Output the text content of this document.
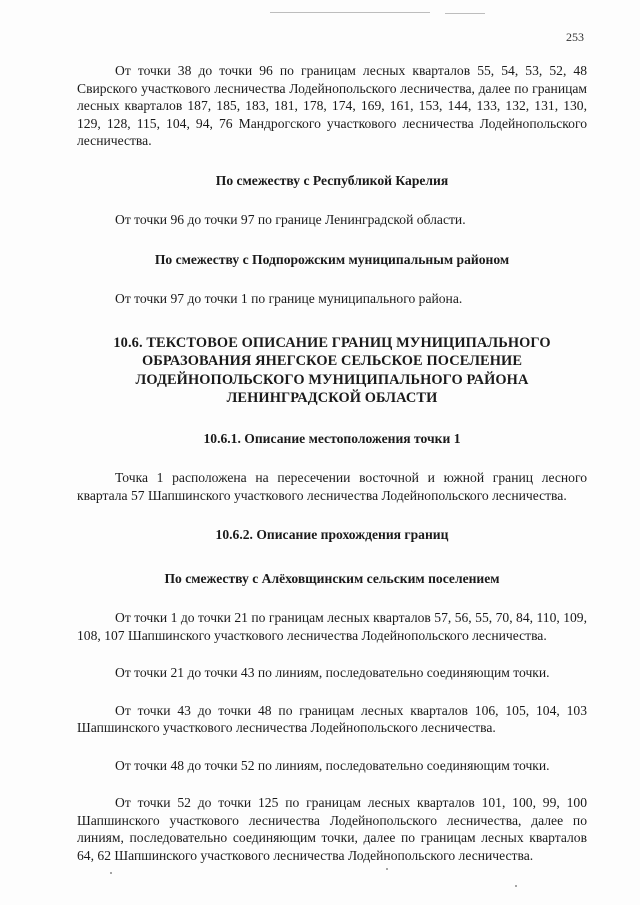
253

От точки 38 до точки 96 по границам лесных кварталов 55, 54, 53, 52, 48 Свирского участкового лесничества Лодейнопольского лесничества, далее по границам лесных кварталов 187, 185, 183, 181, 178, 174, 169, 161, 153, 144, 133, 132, 131, 130, 129, 128, 115, 104, 94, 76 Мандрогского участкового лесничества Лодейнопольского лесничества.

По смежеству с Республикой Карелия

От точки 96 до точки 97 по границе Ленинградской области.

По смежеству с Подпорожским муниципальным районом

От точки 97 до точки 1 по границе муниципального района.

10.6. ТЕКСТОВОЕ ОПИСАНИЕ ГРАНИЦ МУНИЦИПАЛЬНОГО ОБРАЗОВАНИЯ ЯНЕГСКОЕ СЕЛЬСКОЕ ПОСЕЛЕНИЕ ЛОДЕЙНОПОЛЬСКОГО МУНИЦИПАЛЬНОГО РАЙОНА ЛЕНИНГРАДСКОЙ ОБЛАСТИ
10.6.1. Описание местоположения точки 1

Точка 1 расположена на пересечении восточной и южной границ лесного квартала 57 Шапшинского участкового лесничества Лодейнопольского лесничества.

10.6.2. Описание прохождения границ
По смежеству с Алёховщинским сельским поселением

От точки 1 до точки 21 по границам лесных кварталов 57, 56, 55, 70, 84, 110, 109, 108, 107 Шапшинского участкового лесничества Лодейнопольского лесничества.

От точки 21 до точки 43 по линиям, последовательно соединяющим точки.

От точки 43 до точки 48 по границам лесных кварталов 106, 105, 104, 103 Шапшинского участкового лесничества Лодейнопольского лесничества.

От точки 48 до точки 52 по линиям, последовательно соединяющим точки.

От точки 52 до точки 125 по границам лесных кварталов 101, 100, 99, 100 Шапшинского участкового лесничества Лодейнопольского лесничества, далее по линиям, последовательно соединяющим точки, далее по границам лесных кварталов 64, 62 Шапшинского участкового лесничества Лодейнопольского лесничества.
